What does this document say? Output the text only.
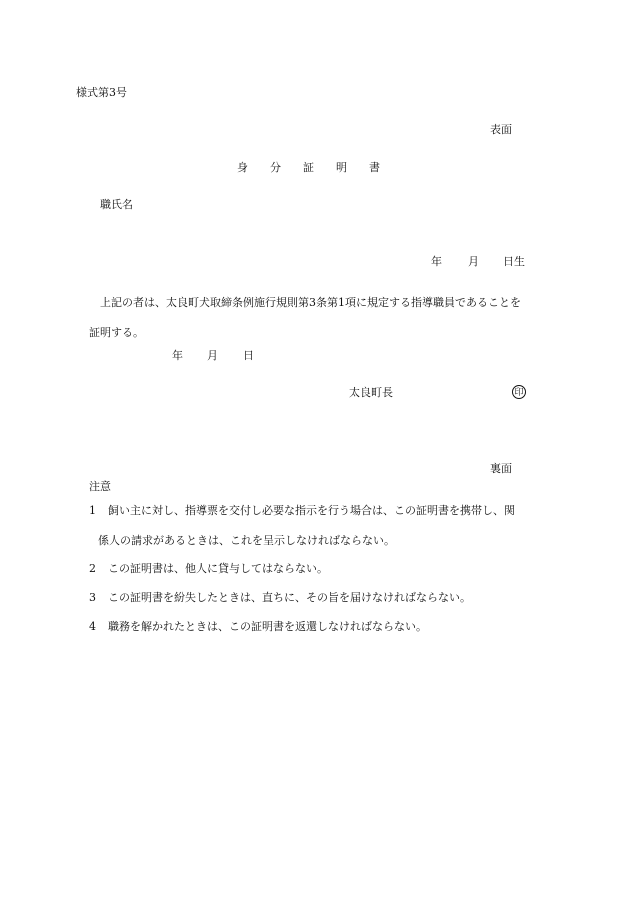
様式第3号
表面
身 分 証 明 書
職氏名
年 月 日生
上記の者は、太良町犬取締条例施行規則第3条第1項に規定する指導職員であることを
証明する。
年 月 日
太良町長	印
裏面
注意
1 飼い主に対し、指導票を交付し必要な指示を行う場合は、この証明書を携帯し、関
係人の請求があるときは、これを呈示しなければならない。
2 この証明書は、他人に貸与してはならない。
3 この証明書を紛失したときは、直ちに、その旨を届けなければならない。
4 職務を解かれたときは、この証明書を返還しなければならない。
